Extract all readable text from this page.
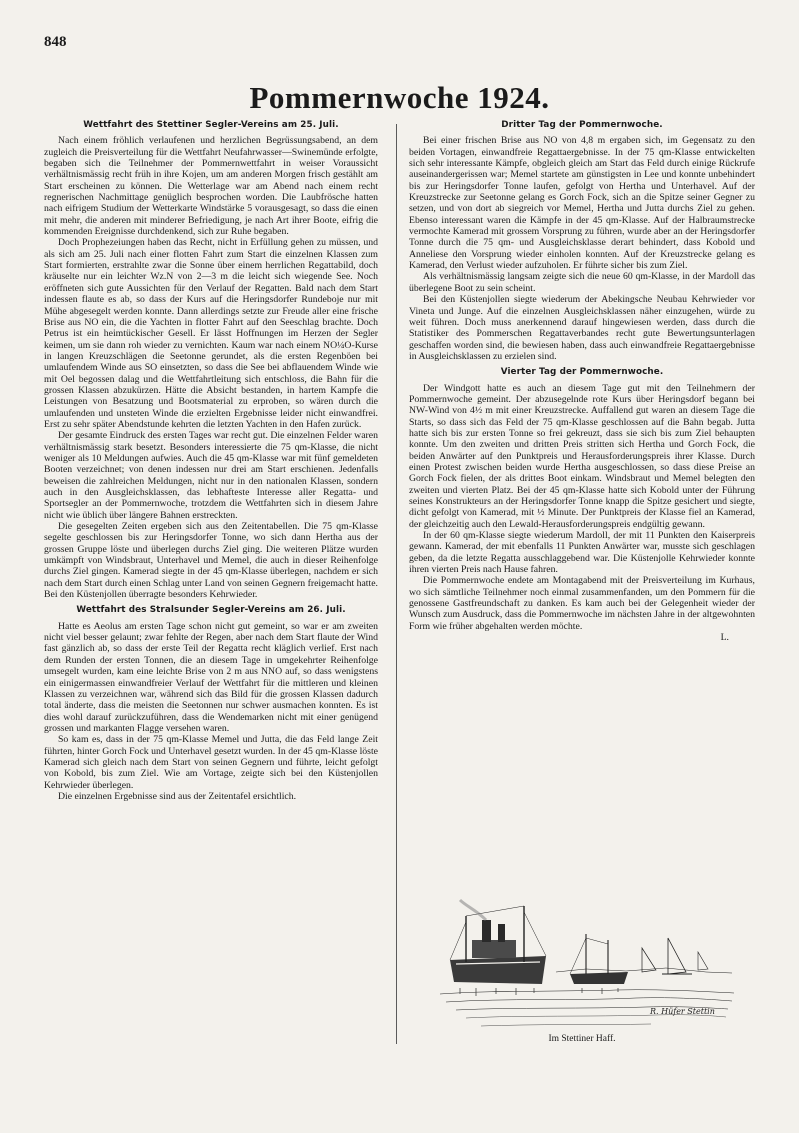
848
Pommernwoche 1924.
Wettfahrt des Stettiner Segler-Vereins am 25. Juli.

Nach einem fröhlich verlaufenen und herzlichen Begrüssungsabend, an dem zugleich die Preisverteilung für die Wettfahrt Neufahrwasser—Swinemünde erfolgte, begaben sich die Teilnehmer der Pommernwettfahrt in weiser Voraussicht verhältnismässig recht früh in ihre Kojen, um am anderen Morgen frisch gestählt am Start erscheinen zu können. Die Wetterlage war am Abend nach einem recht regnerischen Nachmittage genüglich besprochen worden. Die Laubfrösche hatten nach eifrigem Studium der Wetterkarte Windstärke 5 vorausgesagt, so dass die einen mit mehr, die anderen mit minderer Befriedigung, je nach Art ihrer Boote, eifrig die kommenden Ereignisse durchdenkend, sich zur Ruhe begaben.

Doch Prophezeiungen haben das Recht, nicht in Erfüllung gehen zu müssen, und als sich am 25. Juli nach einer flotten Fahrt zum Start die einzelnen Klassen zum Start formierten, erstrahlte zwar die Sonne über einem herrlichen Regattabild, doch kräuselte nur ein leichter Wz.N von 2—3 m die leicht sich wiegende See. Noch eröffneten sich gute Aussichten für den Verlauf der Regatten. Bald nach dem Start indessen flaute es ab, so dass der Kurs auf die Heringsdorfer Rundeboje nur mit Mühe abgesegelt werden konnte. Dann allerdings setzte zur Freude aller eine frische Brise aus NO ein, die die Yachten in flotter Fahrt auf den Seeschlag brachte. Doch Petrus ist ein heimtückischer Gesell. Er lässt Hoffnungen im Herzen der Segler keimen, um sie dann roh wieder zu vernichten. Kaum war nach einem NO¼O-Kurse in langen Kreuzschlägen die Seetonne gerundet, als die ersten Regenböen bei umlaufendem Winde aus SO einsetzten, so dass die See bei abflauendem Winde wie mit Oel begossen dalag und die Wettfahrtleitung sich entschloss, die Bahn für die grossen Klassen abzukürzen. Hätte die Absicht bestanden, in hartem Kampfe die Leistungen von Besatzung und Bootsmaterial zu erproben, so wären durch die umlaufenden und unsteten Winde die erzielten Ergebnisse leider nicht einwandfrei. Erst zu sehr später Abendstunde kehrten die letzten Yachten in den Hafen zurück.

Der gesamte Eindruck des ersten Tages war recht gut. Die einzelnen Felder waren verhältnismässig stark besetzt. Besonders interessierte die 75 qm-Klasse, die nicht weniger als 10 Meldungen aufwies. Auch die 45 qm-Klasse war mit fünf gemeldeten Booten verzeichnet; von denen indessen nur drei am Start erschienen. Jedenfalls beweisen die zahlreichen Meldungen, nicht nur in den nationalen Klassen, sondern auch in den Ausgleichsklassen, das lebhafteste Interesse aller Regatta- und Sportsegler an der Pommernwoche, trotzdem die Wettfahrten sich in diesem Jahre nicht wie üblich über längere Bahnen erstreckten.

Die gesegelten Zeiten ergeben sich aus den Zeitentabellen. Die 75 qm-Klasse segelte geschlossen bis zur Heringsdorfer Tonne, wo sich dann Hertha aus der grossen Gruppe löste und überlegen durchs Ziel ging. Die weiteren Plätze wurden umkämpft von Windsbraut, Unterhavel und Memel, die auch in dieser Reihenfolge durchs Ziel gingen. Kamerad siegte in der 45 qm-Klasse überlegen, nachdem er sich nach dem Start durch einen Schlag unter Land von seinen Gegnern freigemacht hatte. Bei den Küstenjollen überragte besonders Kehrwieder.

Wettfahrt des Stralsunder Segler-Vereins am 26. Juli.

Hatte es Aeolus am ersten Tage schon nicht gut gemeint, so war er am zweiten nicht viel besser gelaunt; zwar fehlte der Regen, aber nach dem Start flaute der Wind fast gänzlich ab, so dass der erste Teil der Regatta recht kläglich verlief. Erst nach dem Runden der ersten Tonnen, die an diesem Tage in umgekehrter Reihenfolge umsegelt wurden, kam eine leichte Brise von 2 m aus NNO auf, so dass wenigstens ein einigermassen einwandfreier Verlauf der Wettfahrt für die mittleren und kleinen Klassen zu verzeichnen war, während sich das Bild für die grossen Klassen dadurch total änderte, dass die meisten die Seetonnen nur schwer ausmachen konnten. Es ist dies wohl darauf zurückzuführen, dass die Wendemarken nicht mit einer genügend grossen und markanten Flagge versehen waren.

So kam es, dass in der 75 qm-Klasse Memel und Jutta, die das Feld lange Zeit führten, hinter Gorch Fock und Unterhavel gesetzt wurden. In der 45 qm-Klasse löste Kamerad sich gleich nach dem Start von seinen Gegnern und führte, leicht gefolgt von Kobold, bis zum Ziel. Wie am Vortage, zeigte sich bei den Küstenjollen Kehrwieder überlegen.

Die einzelnen Ergebnisse sind aus der Zeitentafel ersichtlich.

Dritter Tag der Pommernwoche.

Bei einer frischen Brise aus NO von 4,8 m ergaben sich, im Gegensatz zu den beiden Vortagen, einwandfreie Regattaergebnisse. In der 75 qm-Klasse entwickelten sich sehr interessante Kämpfe, obgleich gleich am Start das Feld durch einige Rückrufe auseinandergerissen war; Memel startete am günstigsten in Lee und konnte unbehindert bis zur Heringsdorfer Tonne laufen, gefolgt von Hertha und Unterhavel. Auf der Kreuzstrecke zur Seetonne gelang es Gorch Fock, sich an die Spitze seiner Gegner zu setzen, und von dort ab siegreich vor Memel, Hertha und Jutta durchs Ziel zu gehen. Ebenso interessant waren die Kämpfe in der 45 qm-Klasse. Auf der Halbraumstrecke vermochte Kamerad mit grossem Vorsprung zu führen, wurde aber an der Heringsdorfer Tonne durch die 75 qm- und Ausgleichsklasse derart behindert, dass Kobold und Anneliese den Vorsprung wieder einholen konnten. Auf der Kreuzstrecke gelang es Kamerad, den Verlust wieder aufzuholen. Er führte sicher bis zum Ziel.

Als verhältnismässig langsam zeigte sich die neue 60 qm-Klasse, in der Mardoll das überlegene Boot zu sein scheint.

Bei den Küstenjollen siegte wiederum der Abekingsche Neubau Kehrwieder vor Vineta und Junge. Auf die einzelnen Ausgleichsklassen näher einzugehen, würde zu weit führen. Doch muss anerkennend darauf hingewiesen werden, dass durch die Statistiker des Pommerschen Regattaverbandes recht gute Bewertungsunterlagen geschaffen worden sind, die bewiesen haben, dass auch einwandfreie Regattaergebnisse in Ausgleichsklassen zu erzielen sind.

Vierter Tag der Pommernwoche.

Der Windgott hatte es auch an diesem Tage gut mit den Teilnehmern der Pommernwoche gemeint. Der abzusegelnde rote Kurs über Heringsdorf begann bei NW-Wind von 4½ m mit einer Kreuzstrecke. Auffallend gut waren an diesem Tage die Starts, so dass sich das Feld der 75 qm-Klasse geschlossen auf die Bahn begab. Jutta hatte sich bis zur ersten Tonne so frei gekreuzt, dass sie sich bis zum Ziel behaupten konnte. Um den zweiten und dritten Preis stritten sich Hertha und Gorch Fock, die beiden Anwärter auf den Punktpreis und Herausforderungspreis ihrer Klasse. Durch einen Protest zwischen beiden wurde Hertha ausgeschlossen, so dass diese Preise an Gorch Fock fielen, der als drittes Boot einkam. Windsbraut und Memel belegten den zweiten und vierten Platz. Bei der 45 qm-Klasse hatte sich Kobold unter der Führung seines Konstrukteurs an der Heringsdorfer Tonne knapp die Spitze gesichert und siegte, dicht gefolgt von Kamerad, mit ½ Minute. Der Punktpreis der Klasse fiel an Kamerad, der gleichzeitig auch den Lewald-Herausforderungspreis endgültig gewann.

In der 60 qm-Klasse siegte wiederum Mardoll, der mit 11 Punkten den Kaiserpreis gewann. Kamerad, der mit ebenfalls 11 Punkten Anwärter war, musste sich geschlagen geben, da die letzte Regatta ausschlaggebend war. Die Küstenjolle Kehrwieder konnte ihren vierten Preis nach Hause fahren.

Die Pommernwoche endete am Montagabend mit der Preisverteilung im Kurhaus, wo sich sämtliche Teilnehmer noch einmal zusammenfanden, um den Pommern für die genossene Gastfreundschaft zu danken. Es kam auch bei der Gelegenheit wieder der Wunsch zum Ausdruck, dass die Pommernwoche im nächsten Jahre in der altgewohnten Form wie früher abgehalten werden möchte.

L.

R. Hüfer Stettin
Im Stettiner Haff.
